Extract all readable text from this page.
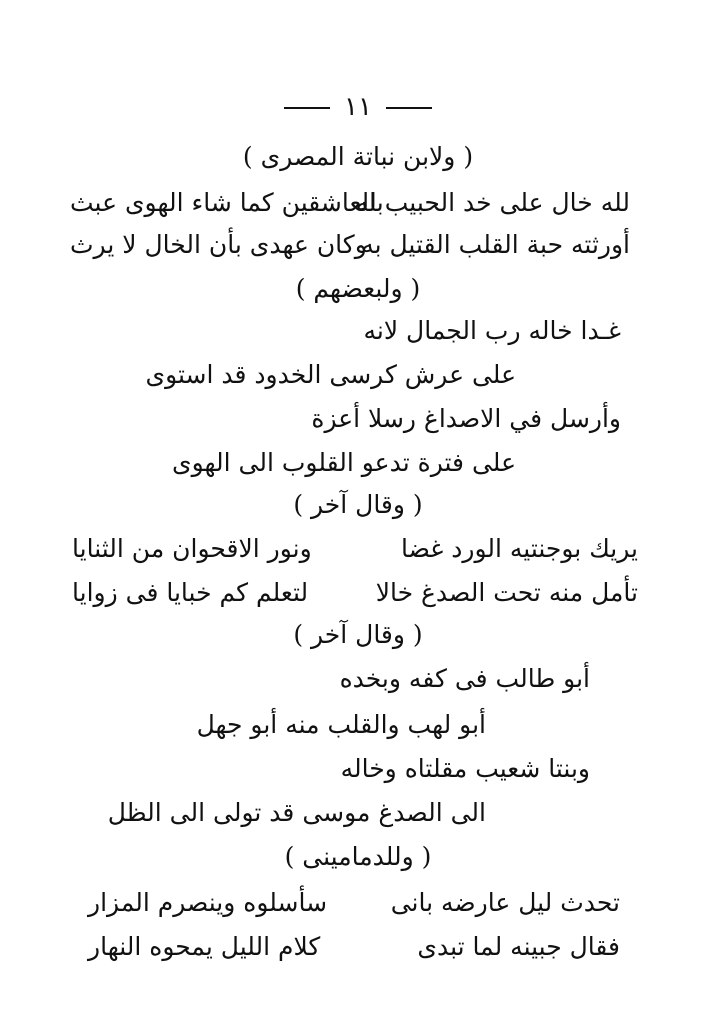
١١
( ولابن نباتة المصرى )
لله خال على خد الحبيب له
بالعاشقين كما شاء الهوى عبث
أورثته حبة القلب القتيل به
وكان عهدى بأن الخال لا يرث
( ولبعضهم )
غـدا خاله رب الجمال لانه
على عرش كرسى الخدود قد استوى
وأرسل في الاصداغ رسلا أعزة
على فترة تدعو القلوب الى الهوى
( وقال آخر )
يريك بوجنتيه الورد غضا
ونور الاقحوان من الثنايا
تأمل منه تحت الصدغ خالا
لتعلم كم خبايا فى زوايا
( وقال آخر )
أبو طالب فى كفه وبخده
أبو لهب والقلب منه أبو جهل
وبنتا شعيب مقلتاه وخاله
الى الصدغ موسى قد تولى الى الظل
( وللدمامينى )
تحدث ليل عارضه بانى
سأسلوه وينصرم المزار
فقال جبينه لما تبدى
كلام الليل يمحوه النهار
